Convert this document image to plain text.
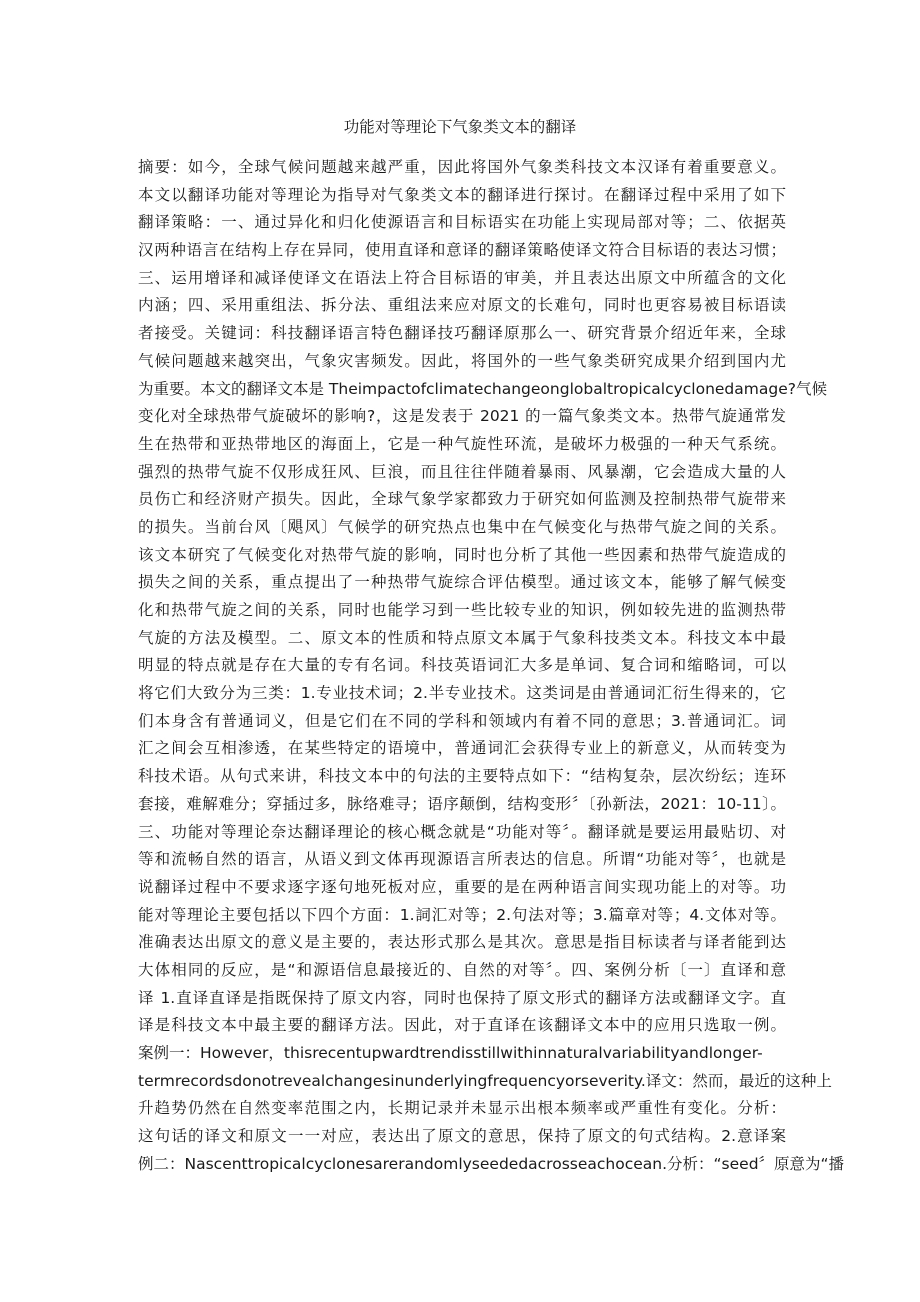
功能对等理论下气象类文本的翻译
摘要：如今，全球气候问题越来越严重，因此将国外气象类科技文本汉译有着重要意义。
本文以翻译功能对等理论为指导对气象类文本的翻译进行探讨。在翻译过程中采用了如下
翻译策略：一、通过异化和归化使源语言和目标语实在功能上实现局部对等；二、依据英
汉两种语言在结构上存在异同，使用直译和意译的翻译策略使译文符合目标语的表达习惯；
三、运用增译和减译使译文在语法上符合目标语的审美，并且表达出原文中所蕴含的文化
内涵；四、采用重组法、拆分法、重组法来应对原文的长难句，同时也更容易被目标语读
者接受。关键词：科技翻译语言特色翻译技巧翻译原那么一、研究背景介绍近年来，全球
气候问题越来越突出，气象灾害频发。因此，将国外的一些气象类研究成果介绍到国内尤
为重要。本文的翻译文本是 Theimpactofclimatechangeonglobaltropicalcyclonedamage?气候
变化对全球热带气旋破坏的影响?，这是发表于 2021 的一篇气象类文本。热带气旋通常发
生在热带和亚热带地区的海面上，它是一种气旋性环流，是破坏力极强的一种天气系统。
强烈的热带气旋不仅形成狂风、巨浪，而且往往伴随着暴雨、风暴潮，它会造成大量的人
员伤亡和经济财产损失。因此，全球气象学家都致力于研究如何监测及控制热带气旋带来
的损失。当前台风〔飓风〕气候学的研究热点也集中在气候变化与热带气旋之间的关系。
该文本研究了气候变化对热带气旋的影响，同时也分析了其他一些因素和热带气旋造成的
损失之间的关系，重点提出了一种热带气旋综合评估模型。通过该文本，能够了解气候变
化和热带气旋之间的关系，同时也能学习到一些比较专业的知识，例如较先进的监测热带
气旋的方法及模型。二、原文本的性质和特点原文本属于气象科技类文本。科技文本中最
明显的特点就是存在大量的专有名词。科技英语词汇大多是单词、复合词和缩略词，可以
将它们大致分为三类：1.专业技术词；2.半专业技术。这类词是由普通词汇衍生得来的，它
们本身含有普通词义，但是它们在不同的学科和领域内有着不同的意思；3.普通词汇。词
汇之间会互相渗透，在某些特定的语境中，普通词汇会获得专业上的新意义，从而转变为
科技术语。从句式来讲，科技文本中的句法的主要特点如下：“结构复杂，层次纷纭；连环
套接，难解难分；穿插过多，脉络难寻；语序颠倒，结构变形〞〔孙新法，2021：10-11〕。
三、功能对等理论奈达翻译理论的核心概念就是“功能对等〞。翻译就是要运用最贴切、对
等和流畅自然的语言，从语义到文体再现源语言所表达的信息。所谓“功能对等〞，也就是
说翻译过程中不要求逐字逐句地死板对应，重要的是在两种语言间实现功能上的对等。功
能对等理论主要包括以下四个方面：1.詞汇对等；2.句法对等；3.篇章对等；4.文体对等。
准确表达出原文的意义是主要的，表达形式那么是其次。意思是指目标读者与译者能到达
大体相同的反应，是“和源语信息最接近的、自然的对等〞。四、案例分析〔一〕直译和意
译 1.直译直译是指既保持了原文内容，同时也保持了原文形式的翻译方法或翻译文字。直
译是科技文本中最主要的翻译方法。因此，对于直译在该翻译文本中的应用只选取一例。
案例一：However，thisrecentupwardtrendisstillwithinnaturalvariabilityandlonger-
termrecordsdonotrevealchangesinunderlyingfrequencyorseverity.译文：然而，最近的这种上
升趋势仍然在自然变率范围之内，长期记录并未显示出根本频率或严重性有变化。分析：
这句话的译文和原文一一对应，表达出了原文的意思，保持了原文的句式结构。2.意译案
例二：Nascenttropicalcyclonesarerandomlyseededacrosseachocean.分析：“seed〞原意为“播
